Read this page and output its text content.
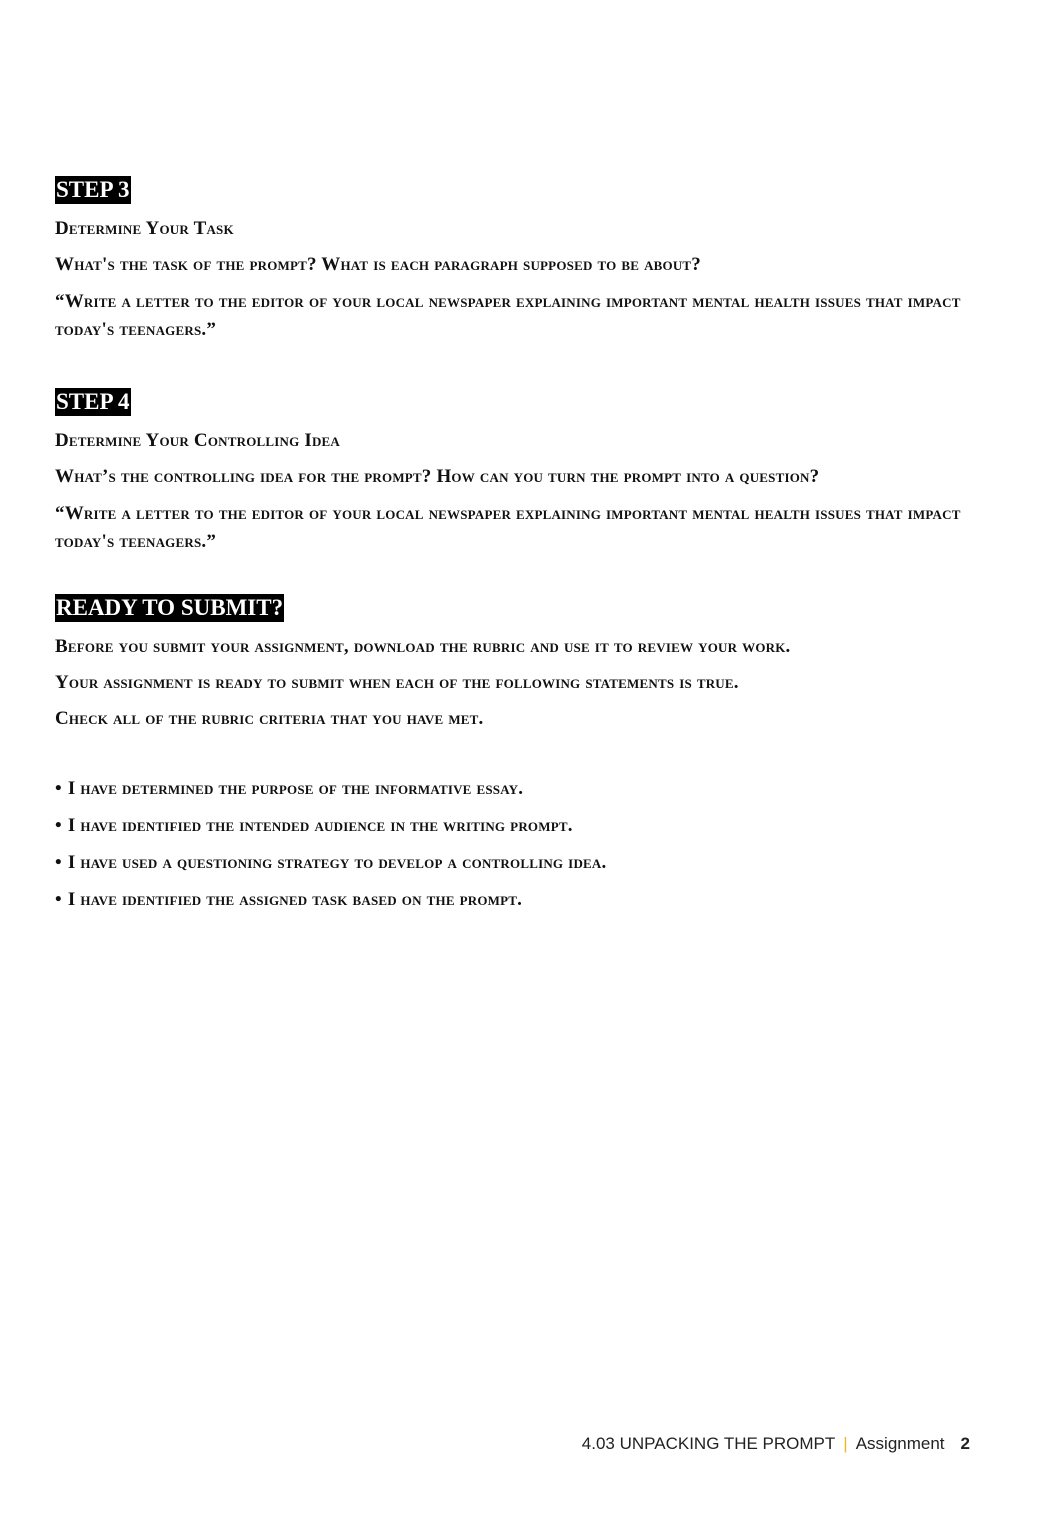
STEP 3

Determine Your Task

What's the task of the prompt? What is each paragraph supposed to be about?

“Write a letter to the editor of your local newspaper explaining important mental health issues that impact today's teenagers.”

STEP 4

Determine Your Controlling Idea

What’s the controlling idea for the prompt? How can you turn the prompt into a question?

“Write a letter to the editor of your local newspaper explaining important mental health issues that impact today's teenagers.”

READY TO SUBMIT?

Before you submit your assignment, download the rubric and use it to review your work.

Your assignment is ready to submit when each of the following statements is true.

Check all of the rubric criteria that you have met.

• I have determined the purpose of the informative essay.
• I have identified the intended audience in the writing prompt.
• I have used a questioning strategy to develop a controlling idea.
• I have identified the assigned task based on the prompt.
4.03 UNPACKING THE PROMPT | Assignment 2
